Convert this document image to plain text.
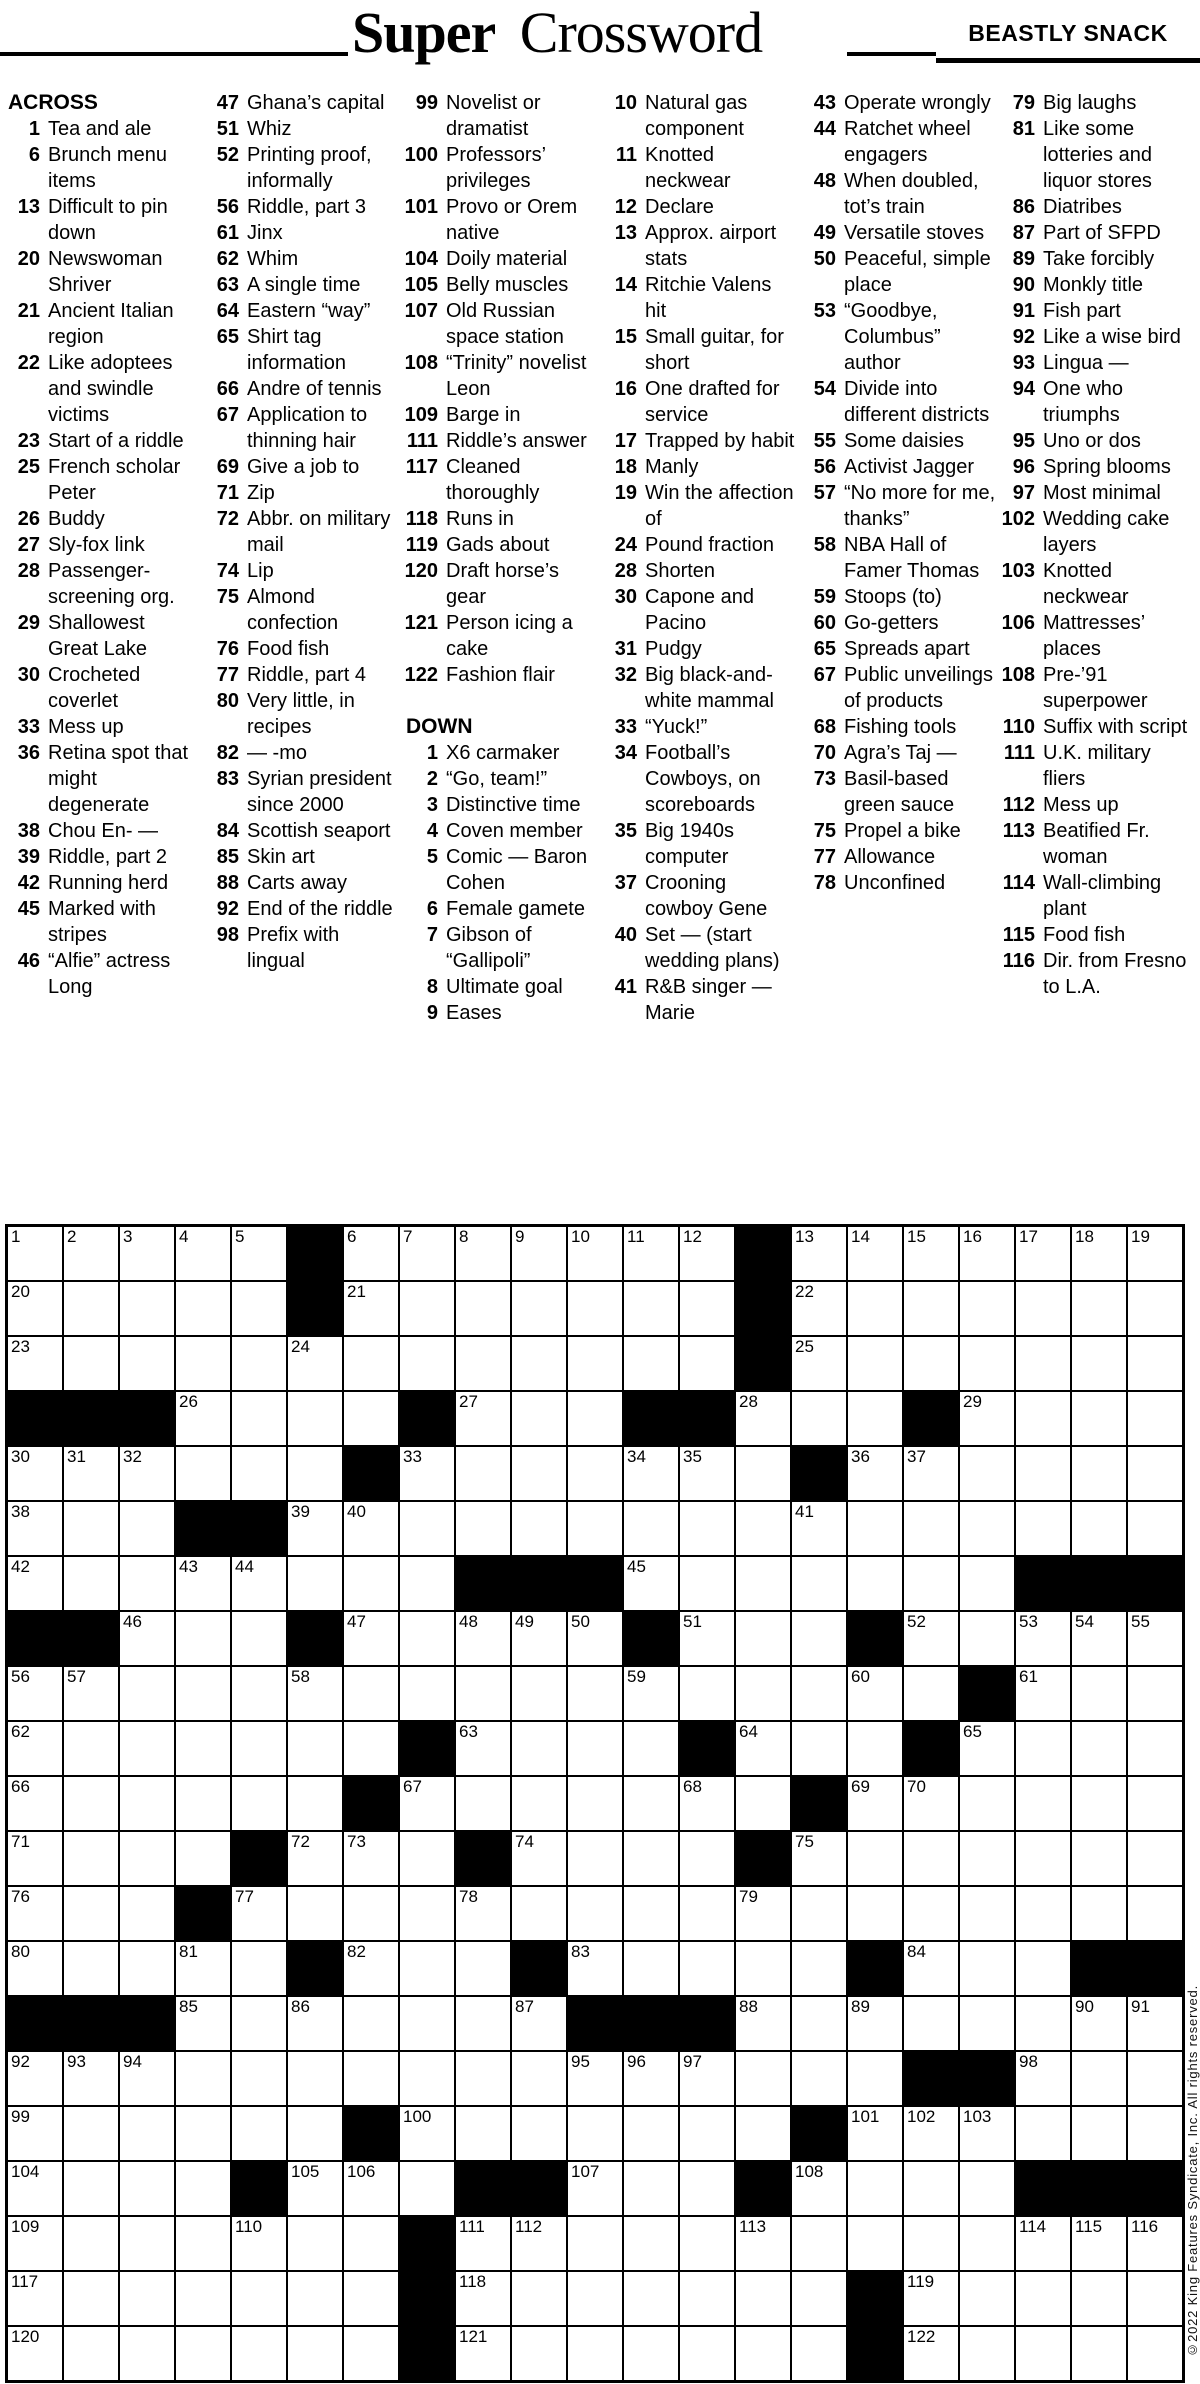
Super Crossword	BEASTLY SNACK
ACROSS
1 Tea and ale
6 Brunch menu items
13 Difficult to pin down
20 Newswoman Shriver
21 Ancient Italian region
22 Like adoptees and swindle victims
23 Start of a riddle
25 French scholar Peter
26 Buddy
27 Sly-fox link
28 Passenger-screening org.
29 Shallowest Great Lake
30 Crocheted coverlet
33 Mess up
36 Retina spot that might degenerate
38 Chou En- —
39 Riddle, part 2
42 Running herd
45 Marked with stripes
46 “Alfie” actress Long
47 Ghana’s capital
51 Whiz
52 Printing proof, informally
56 Riddle, part 3
61 Jinx
62 Whim
63 A single time
64 Eastern “way”
65 Shirt tag information
66 Andre of tennis
67 Application to thinning hair
69 Give a job to
71 Zip
72 Abbr. on military mail
74 Lip
75 Almond confection
76 Food fish
77 Riddle, part 4
80 Very little, in recipes
82 — -mo
83 Syrian president since 2000
84 Scottish seaport
85 Skin art
88 Carts away
92 End of the riddle
98 Prefix with lingual
99 Novelist or dramatist
100 Professors’ privileges
101 Provo or Orem native
104 Doily material
105 Belly muscles
107 Old Russian space station
108 “Trinity” novelist Leon
109 Barge in
111 Riddle’s answer
117 Cleaned thoroughly
118 Runs in
119 Gads about
120 Draft horse’s gear
121 Person icing a cake
122 Fashion flair
DOWN
1 X6 carmaker
2 “Go, team!”
3 Distinctive time
4 Coven member
5 Comic — Baron Cohen
6 Female gamete
7 Gibson of “Gallipoli”
8 Ultimate goal
9 Eases
10 Natural gas component
11 Knotted neckwear
12 Declare
13 Approx. airport stats
14 Ritchie Valens hit
15 Small guitar, for short
16 One drafted for service
17 Trapped by habit
18 Manly
19 Win the affection of
24 Pound fraction
28 Shorten
30 Capone and Pacino
31 Pudgy
32 Big black-and-white mammal
33 “Yuck!”
34 Football’s Cowboys, on scoreboards
35 Big 1940s computer
37 Crooning cowboy Gene
40 Set — (start wedding plans)
41 R&B singer — Marie
43 Operate wrongly
44 Ratchet wheel engagers
48 When doubled, tot’s train
49 Versatile stoves
50 Peaceful, simple place
53 “Goodbye, Columbus” author
54 Divide into different districts
55 Some daisies
56 Activist Jagger
57 “No more for me, thanks”
58 NBA Hall of Famer Thomas
59 Stoops (to)
60 Go-getters
65 Spreads apart
67 Public unveilings of products
68 Fishing tools
70 Agra’s Taj —
73 Basil-based green sauce
75 Propel a bike
77 Allowance
78 Unconfined
79 Big laughs
81 Like some lotteries and liquor stores
86 Diatribes
87 Part of SFPD
89 Take forcibly
90 Monkly title
91 Fish part
92 Like a wise bird
93 Lingua —
94 One who triumphs
95 Uno or dos
96 Spring blooms
97 Most minimal
102 Wedding cake layers
103 Knotted neckwear
106 Mattresses’ places
108 Pre-’91 superpower
110 Suffix with script
111 U.K. military fliers
112 Mess up
113 Beatified Fr. woman
114 Wall-climbing plant
115 Food fish
116 Dir. from Fresno to L.A.
1	2	3	4	5	6	7	8	9	10 11 12	13 14 15 16 17 18 19
20	21	22
23	24	25
26	27	28	29
30 31 32	33	34 35	36 37
38	39 40	41
42	43 44	45
46	47	48 49 50	51	52	53 54 55
56 57	58	59	60	61
62	63	64	65
66	67	68	69 70
71	72 73	74	75
76	77	78	79
80	81	82	83	84
85	86	87	88	89	90 91
92 93 94	95 96 97	98
99	100	101 102 103
104	105 106	107	108
109	110	111 112	113	114 115 116
117	118	119
120	121	122	©2022 King Features Syndicate, Inc. All rights reserved.
